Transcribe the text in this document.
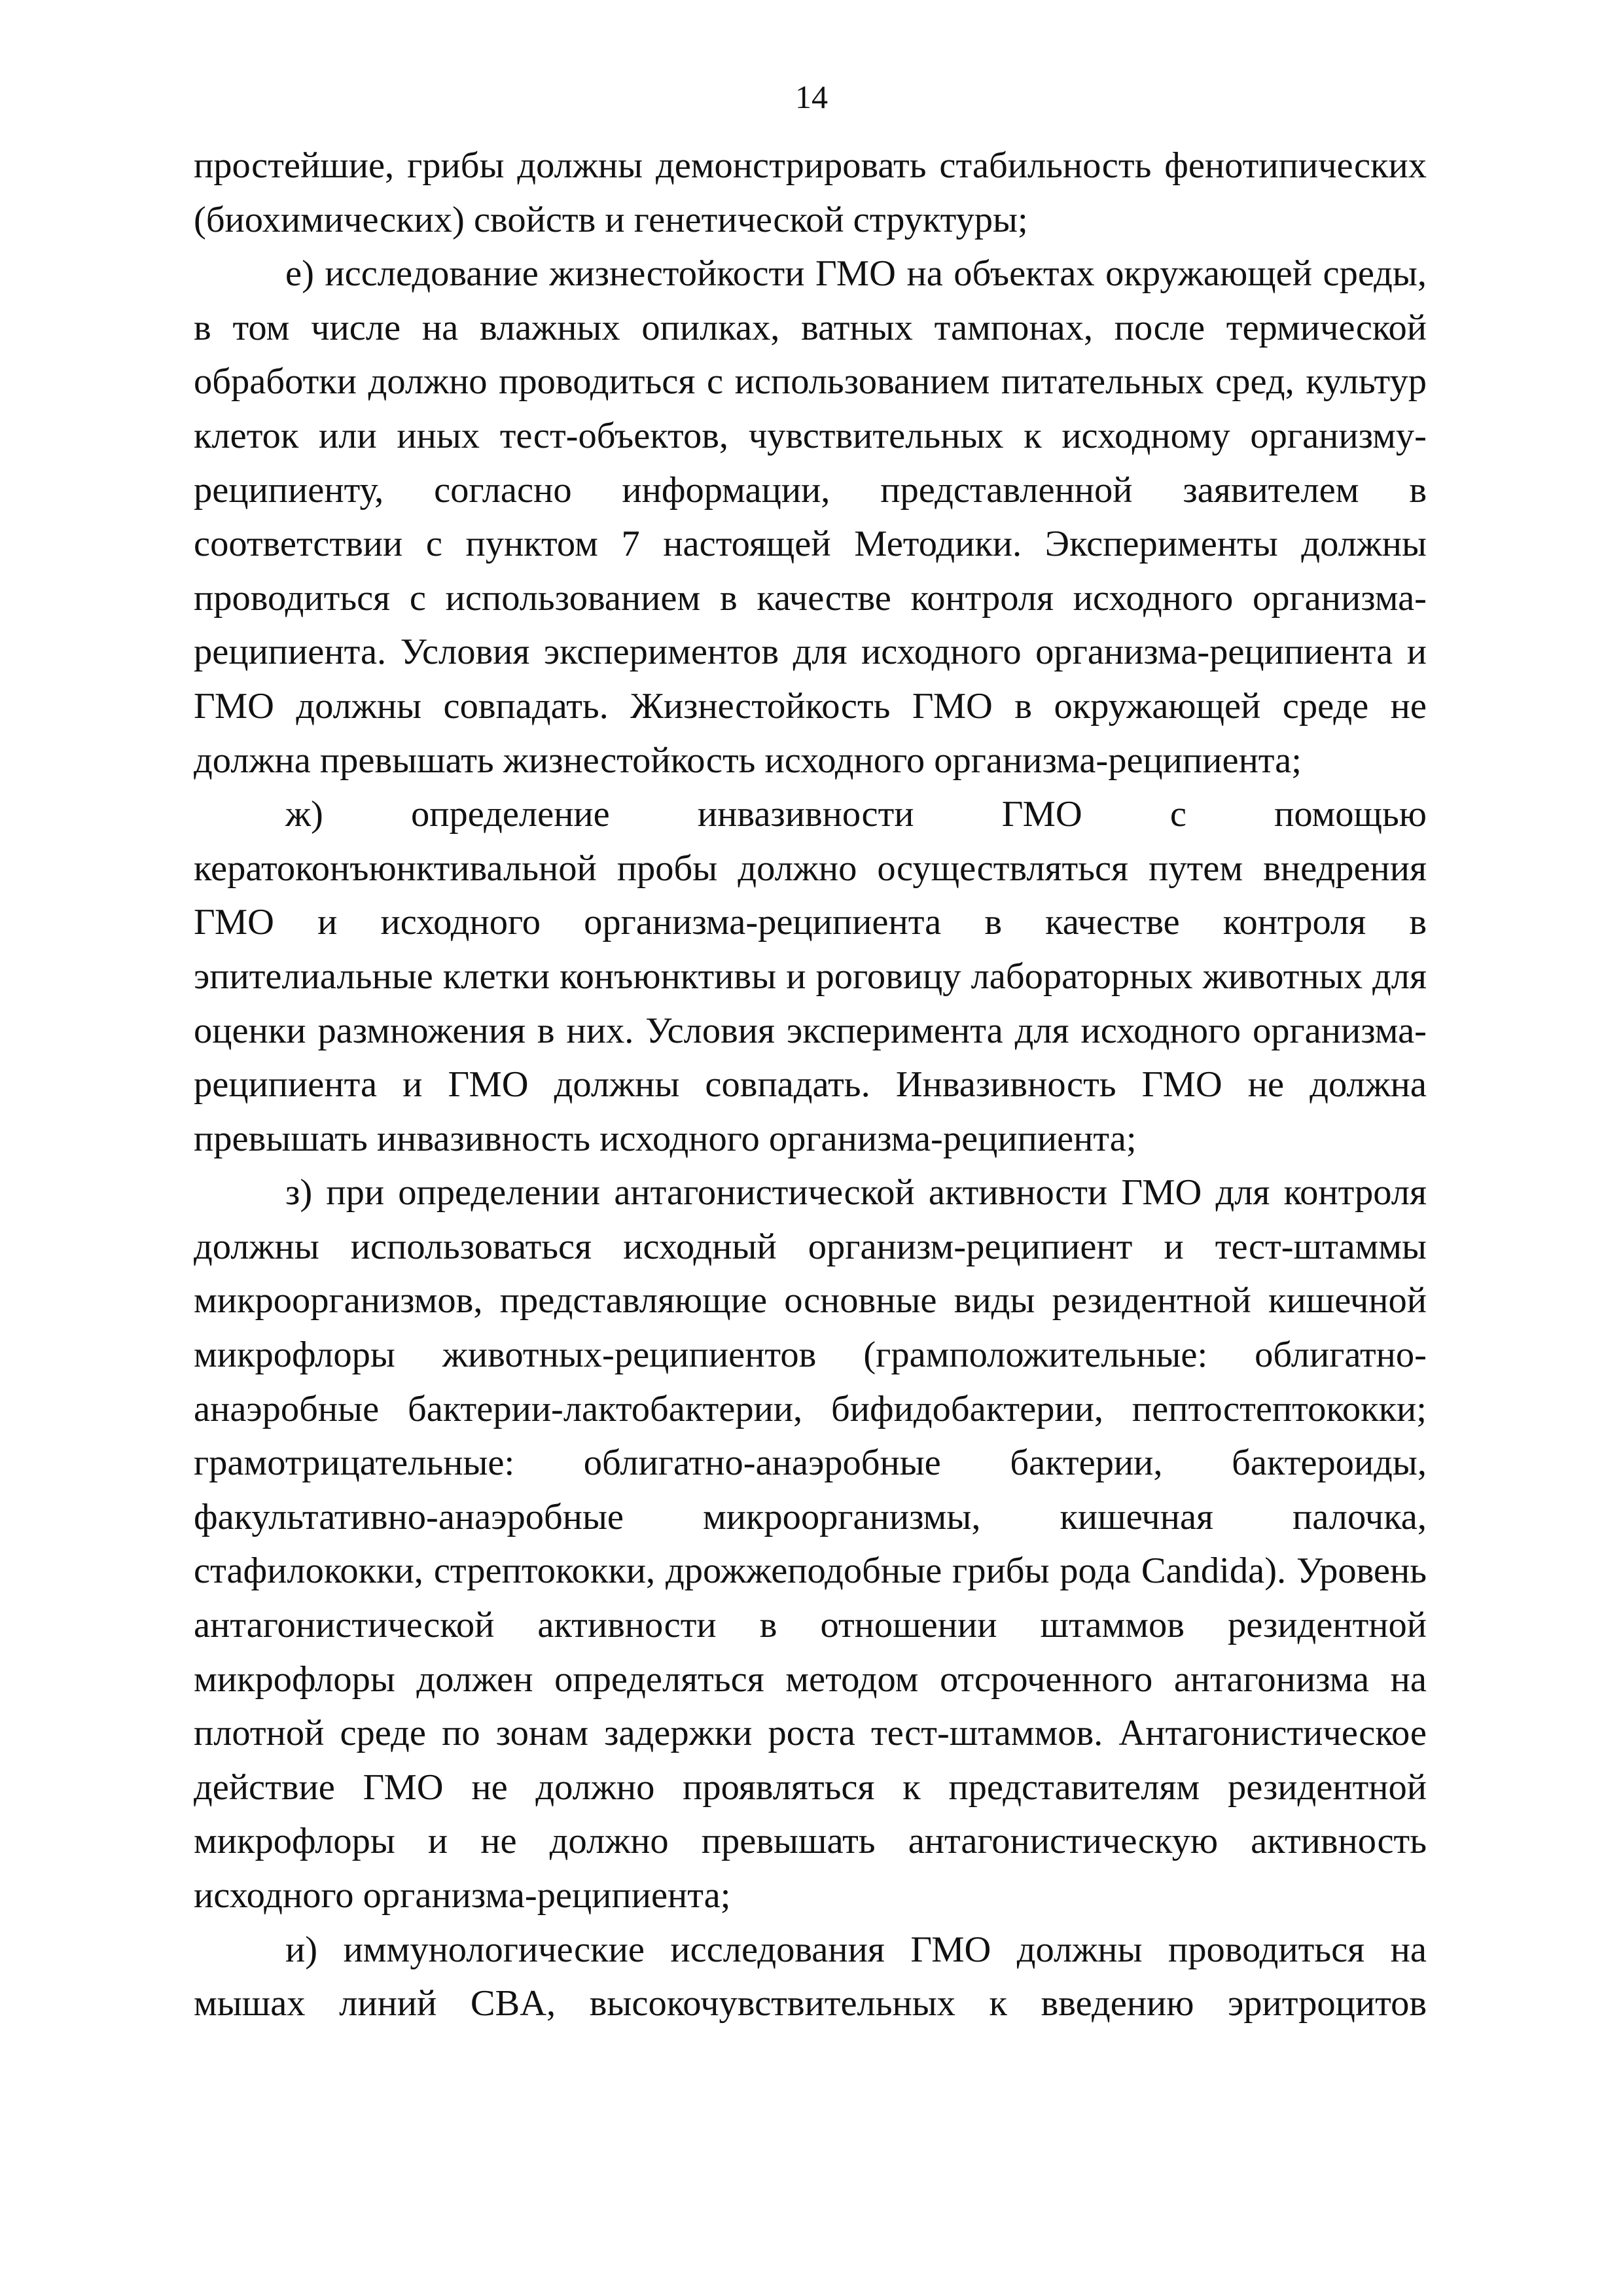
14

простейшие, грибы должны демонстрировать стабильность фенотипических (биохимических) свойств и генетической структуры;

е) исследование жизнестойкости ГМО на объектах окружающей среды, в том числе на влажных опилках, ватных тампонах, после термической обработки должно проводиться с использованием питательных сред, культур клеток или иных тест-объектов, чувствительных к исходному организму-реципиенту, согласно информации, представленной заявителем в соответствии с пунктом 7 настоящей Методики. Эксперименты должны проводиться с использованием в качестве контроля исходного организма-реципиента. Условия экспериментов для исходного организма-реципиента и ГМО должны совпадать. Жизнестойкость ГМО в окружающей среде не должна превышать жизнестойкость исходного организма-реципиента;

ж) определение инвазивности ГМО с помощью кератоконъюнктивальной пробы должно осуществляться путем внедрения ГМО и исходного организма-реципиента в качестве контроля в эпителиальные клетки конъюнктивы и роговицу лабораторных животных для оценки размножения в них. Условия эксперимента для исходного организма-реципиента и ГМО должны совпадать. Инвазивность ГМО не должна превышать инвазивность исходного организма-реципиента;

з) при определении антагонистической активности ГМО для контроля должны использоваться исходный организм-реципиент и тест-штаммы микроорганизмов, представляющие основные виды резидентной кишечной микрофлоры животных-реципиентов (грамположительные: облигатно-анаэробные бактерии-лактобактерии, бифидобактерии, пептостептококки; грамотрицательные: облигатно-анаэробные бактерии, бактероиды, факультативно-анаэробные микроорганизмы, кишечная палочка, стафилококки, стрептококки, дрожжеподобные грибы рода Candida). Уровень антагонистической активности в отношении штаммов резидентной микрофлоры должен определяться методом отсроченного антагонизма на плотной среде по зонам задержки роста тест-штаммов. Антагонистическое действие ГМО не должно проявляться к представителям резидентной микрофлоры и не должно превышать антагонистическую активность исходного организма-реципиента;

и) иммунологические исследования ГМО должны проводиться на мышах линий CBA, высокочувствительных к введению эритроцитов
